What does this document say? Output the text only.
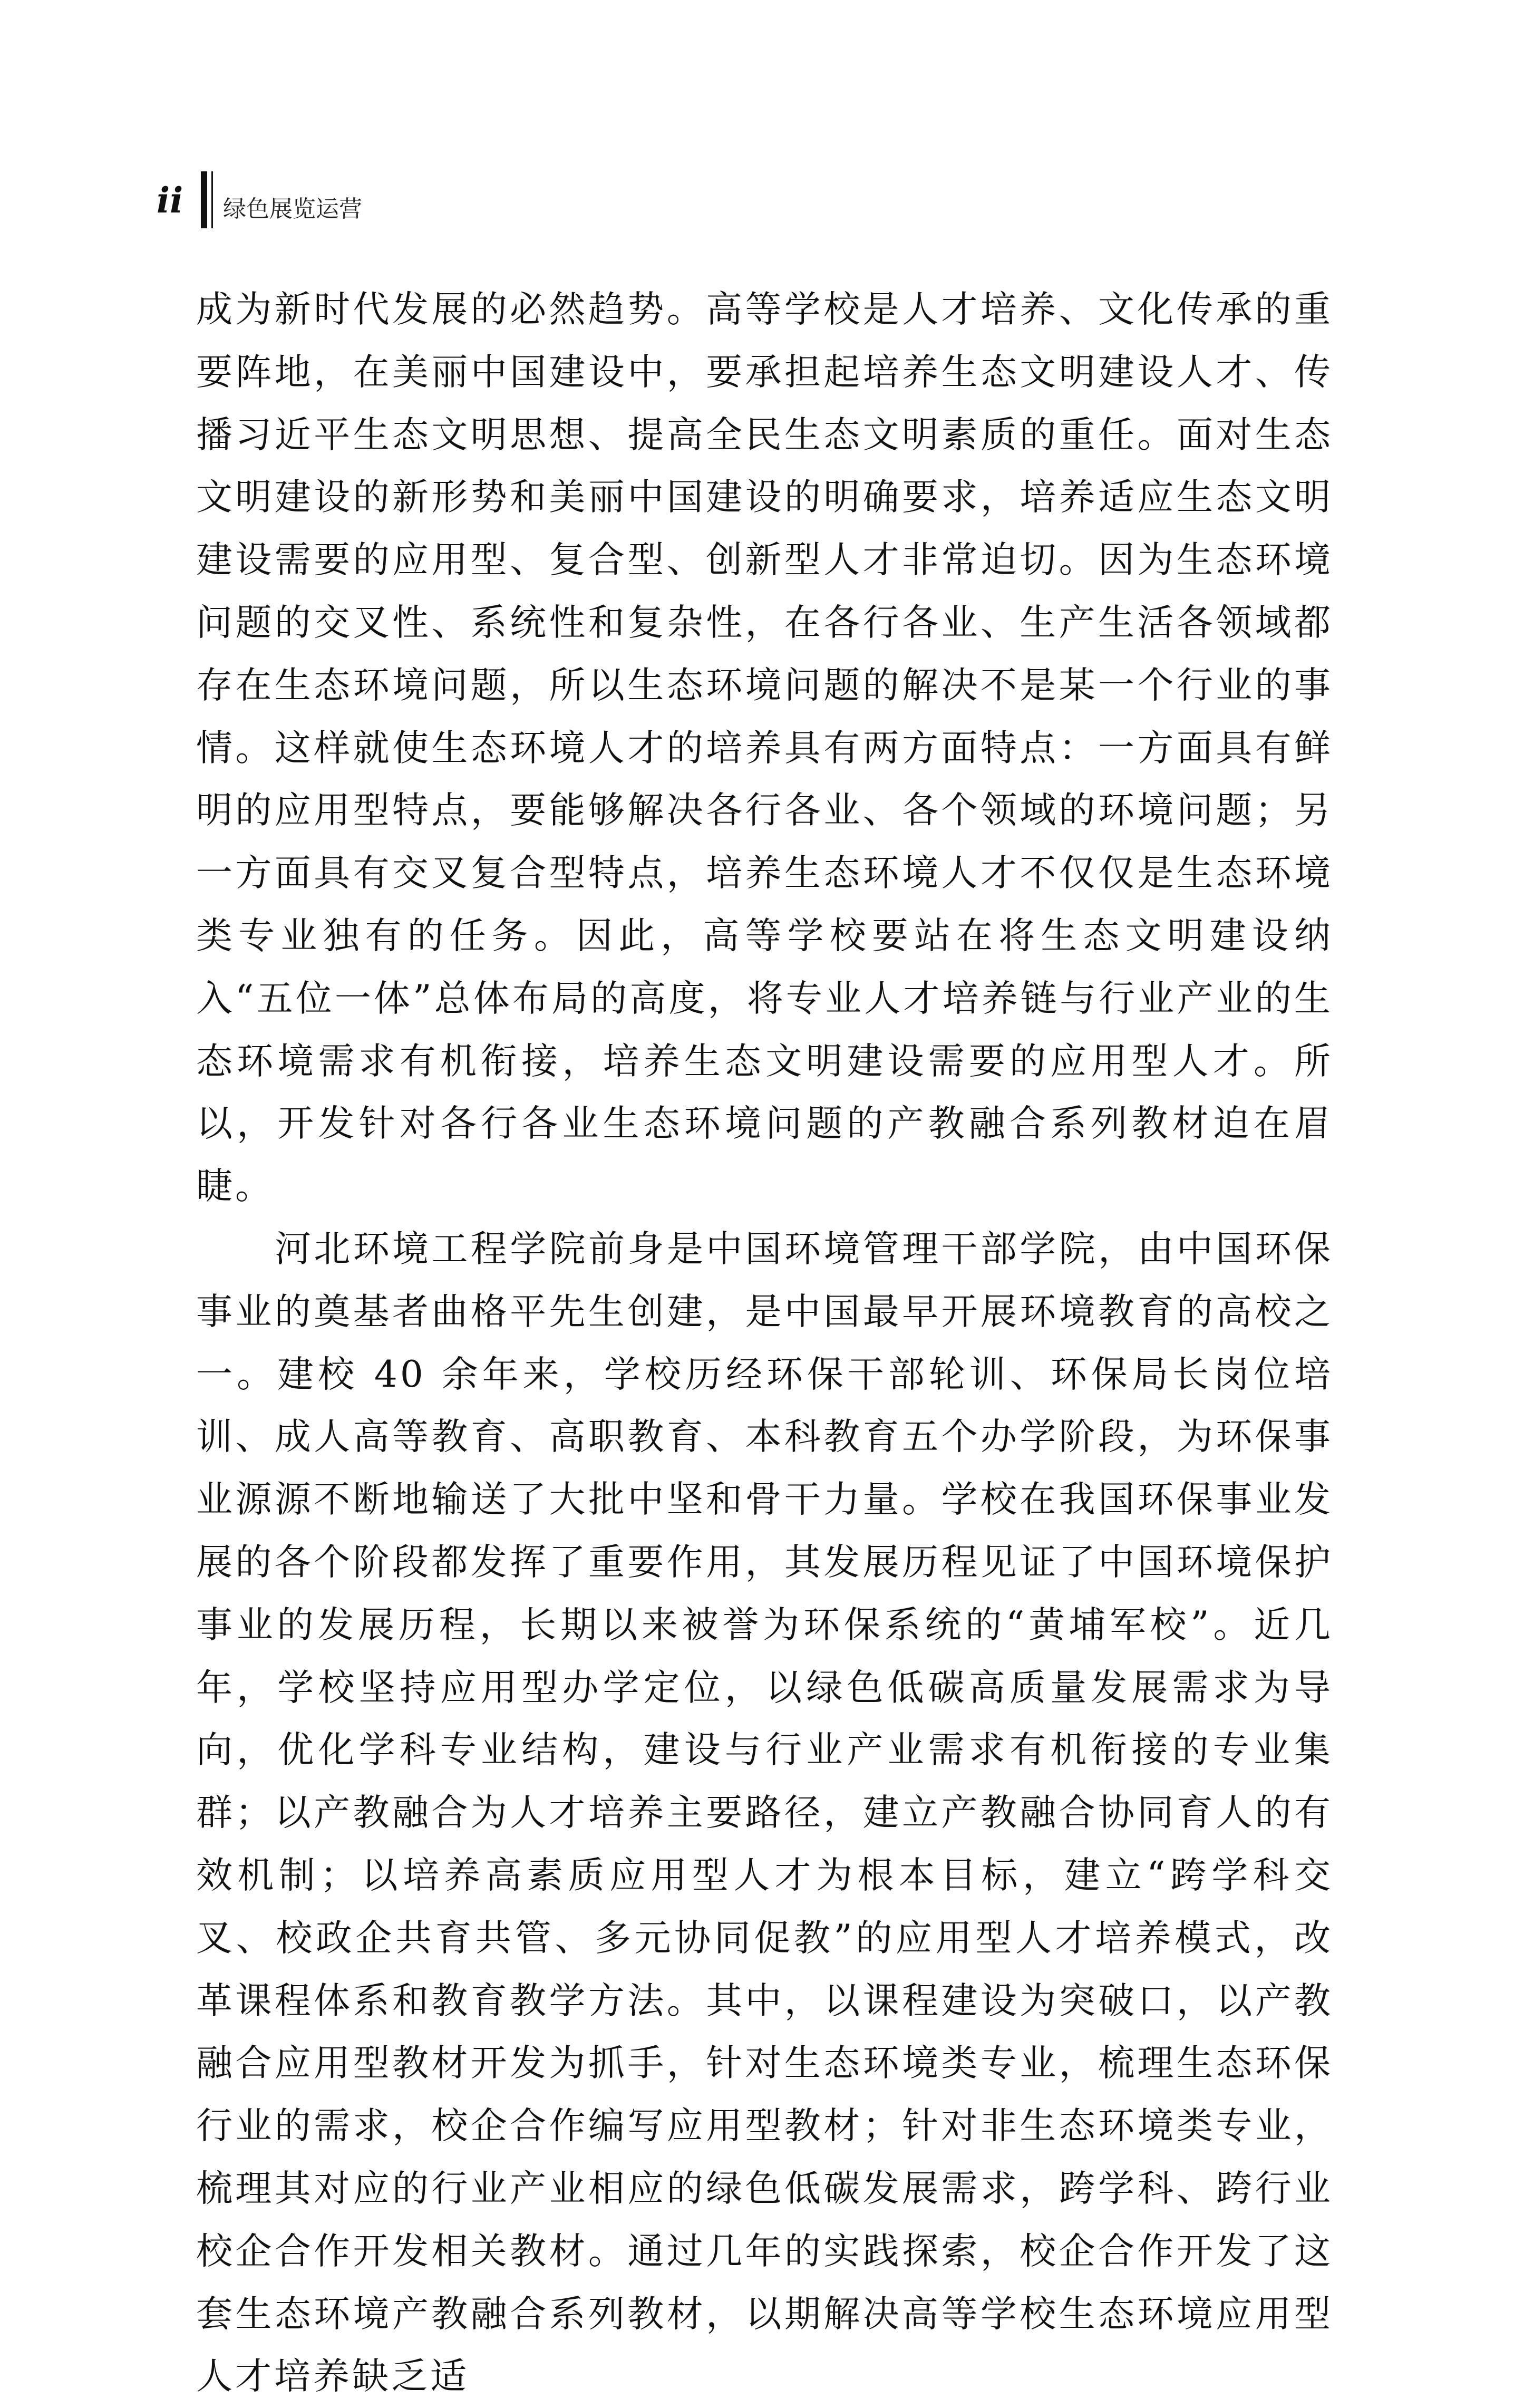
ii 绿色展览运营

成为新时代发展的必然趋势。高等学校是人才培养、文化传承的重要阵地，在美丽中国建设中，要承担起培养生态文明建设人才、传播习近平生态文明思想、提高全民生态文明素质的重任。面对生态文明建设的新形势和美丽中国建设的明确要求，培养适应生态文明建设需要的应用型、复合型、创新型人才非常迫切。因为生态环境问题的交叉性、系统性和复杂性，在各行各业、生产生活各领域都存在生态环境问题，所以生态环境问题的解决不是某一个行业的事情。这样就使生态环境人才的培养具有两方面特点：一方面具有鲜明的应用型特点，要能够解决各行各业、各个领域的环境问题；另一方面具有交叉复合型特点，培养生态环境人才不仅仅是生态环境类专业独有的任务。因此，高等学校要站在将生态文明建设纳入“五位一体”总体布局的高度，将专业人才培养链与行业产业的生态环境需求有机衔接，培养生态文明建设需要的应用型人才。所以，开发针对各行各业生态环境问题的产教融合系列教材迫在眉睫。

河北环境工程学院前身是中国环境管理干部学院，由中国环保事业的奠基者曲格平先生创建，是中国最早开展环境教育的高校之一。建校 40 余年来，学校历经环保干部轮训、环保局长岗位培训、成人高等教育、高职教育、本科教育五个办学阶段，为环保事业源源不断地输送了大批中坚和骨干力量。学校在我国环保事业发展的各个阶段都发挥了重要作用，其发展历程见证了中国环境保护事业的发展历程，长期以来被誉为环保系统的“黄埔军校”。近几年，学校坚持应用型办学定位，以绿色低碳高质量发展需求为导向，优化学科专业结构，建设与行业产业需求有机衔接的专业集群；以产教融合为人才培养主要路径，建立产教融合协同育人的有效机制；以培养高素质应用型人才为根本目标，建立“跨学科交叉、校政企共育共管、多元协同促教”的应用型人才培养模式，改革课程体系和教育教学方法。其中，以课程建设为突破口，以产教融合应用型教材开发为抓手，针对生态环境类专业，梳理生态环保行业的需求，校企合作编写应用型教材；针对非生态环境类专业，梳理其对应的行业产业相应的绿色低碳发展需求，跨学科、跨行业校企合作开发相关教材。通过几年的实践探索，校企合作开发了这套生态环境产教融合系列教材，以期解决高等学校生态环境应用型人才培养缺乏适
